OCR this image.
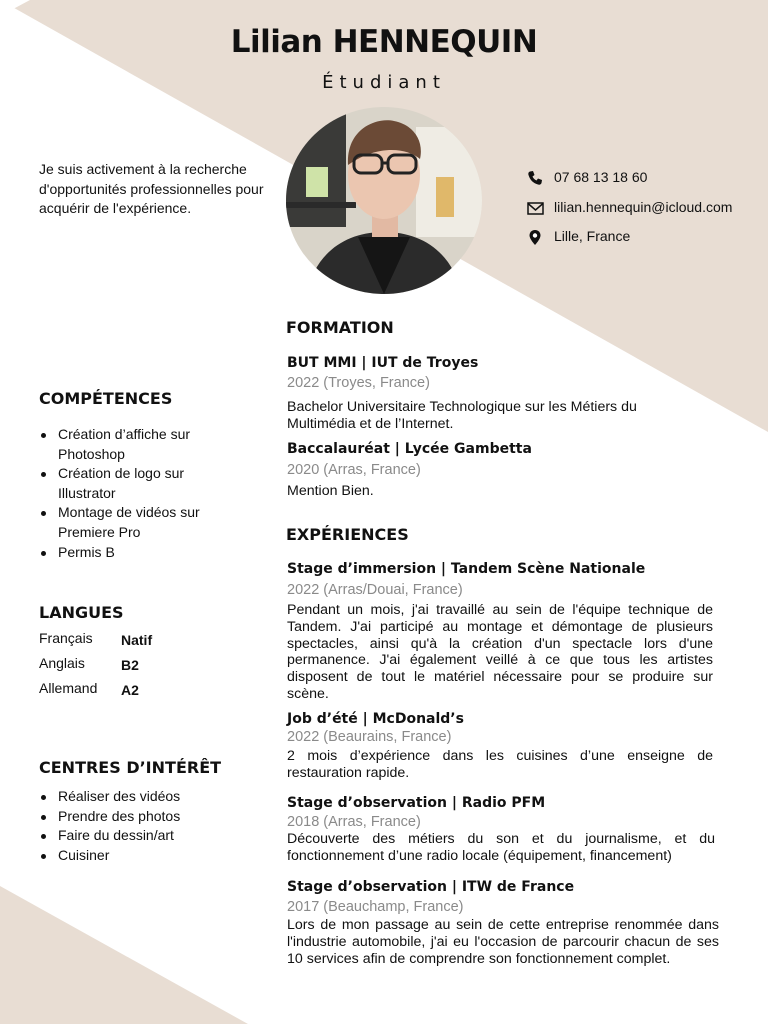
Lilian HENNEQUIN
Étudiant
Je suis activement à la recherche d'opportunités professionnelles pour acquérir de l'expérience.
07 68 13 18 60
lilian.hennequin@icloud.com
Lille, France
COMPÉTENCES
Création d’affiche sur Photoshop
Création de logo sur Illustrator
Montage de vidéos sur Premiere Pro
Permis B
LANGUES
Français Natif
Anglais	B2
Allemand A2
CENTRES D’INTÉRÊT
Réaliser des vidéos
Prendre des photos
Faire du dessin/art
Cuisiner
FORMATION
BUT MMI | IUT de Troyes
2022 (Troyes, France)
Bachelor Universitaire Technologique sur les Métiers du Multimédia et de l’Internet.
Baccalauréat | Lycée Gambetta
2020 (Arras, France)
Mention Bien.
EXPÉRIENCES
Stage d’immersion | Tandem Scène Nationale
2022 (Arras/Douai, France)
Pendant un mois, j'ai travaillé au sein de l'équipe technique de Tandem. J'ai participé au montage et démontage de plusieurs spectacles, ainsi qu'à la création d'un spectacle lors d'une permanence. J'ai également veillé à ce que tous les artistes disposent de tout le matériel nécessaire pour se produire sur scène.
Job d’été | McDonald’s
2022 (Beaurains, France)
2 mois d’expérience dans les cuisines d’une enseigne de restauration rapide.
Stage d’observation | Radio PFM
2018 (Arras, France)
Découverte des métiers du son et du journalisme, et du fonctionnement d’une radio locale (équipement, financement)
Stage d’observation | ITW de France
2017 (Beauchamp, France)
Lors de mon passage au sein de cette entreprise renommée dans l'industrie automobile, j'ai eu l'occasion de parcourir chacun de ses 10 services afin de comprendre son fonctionnement complet.
